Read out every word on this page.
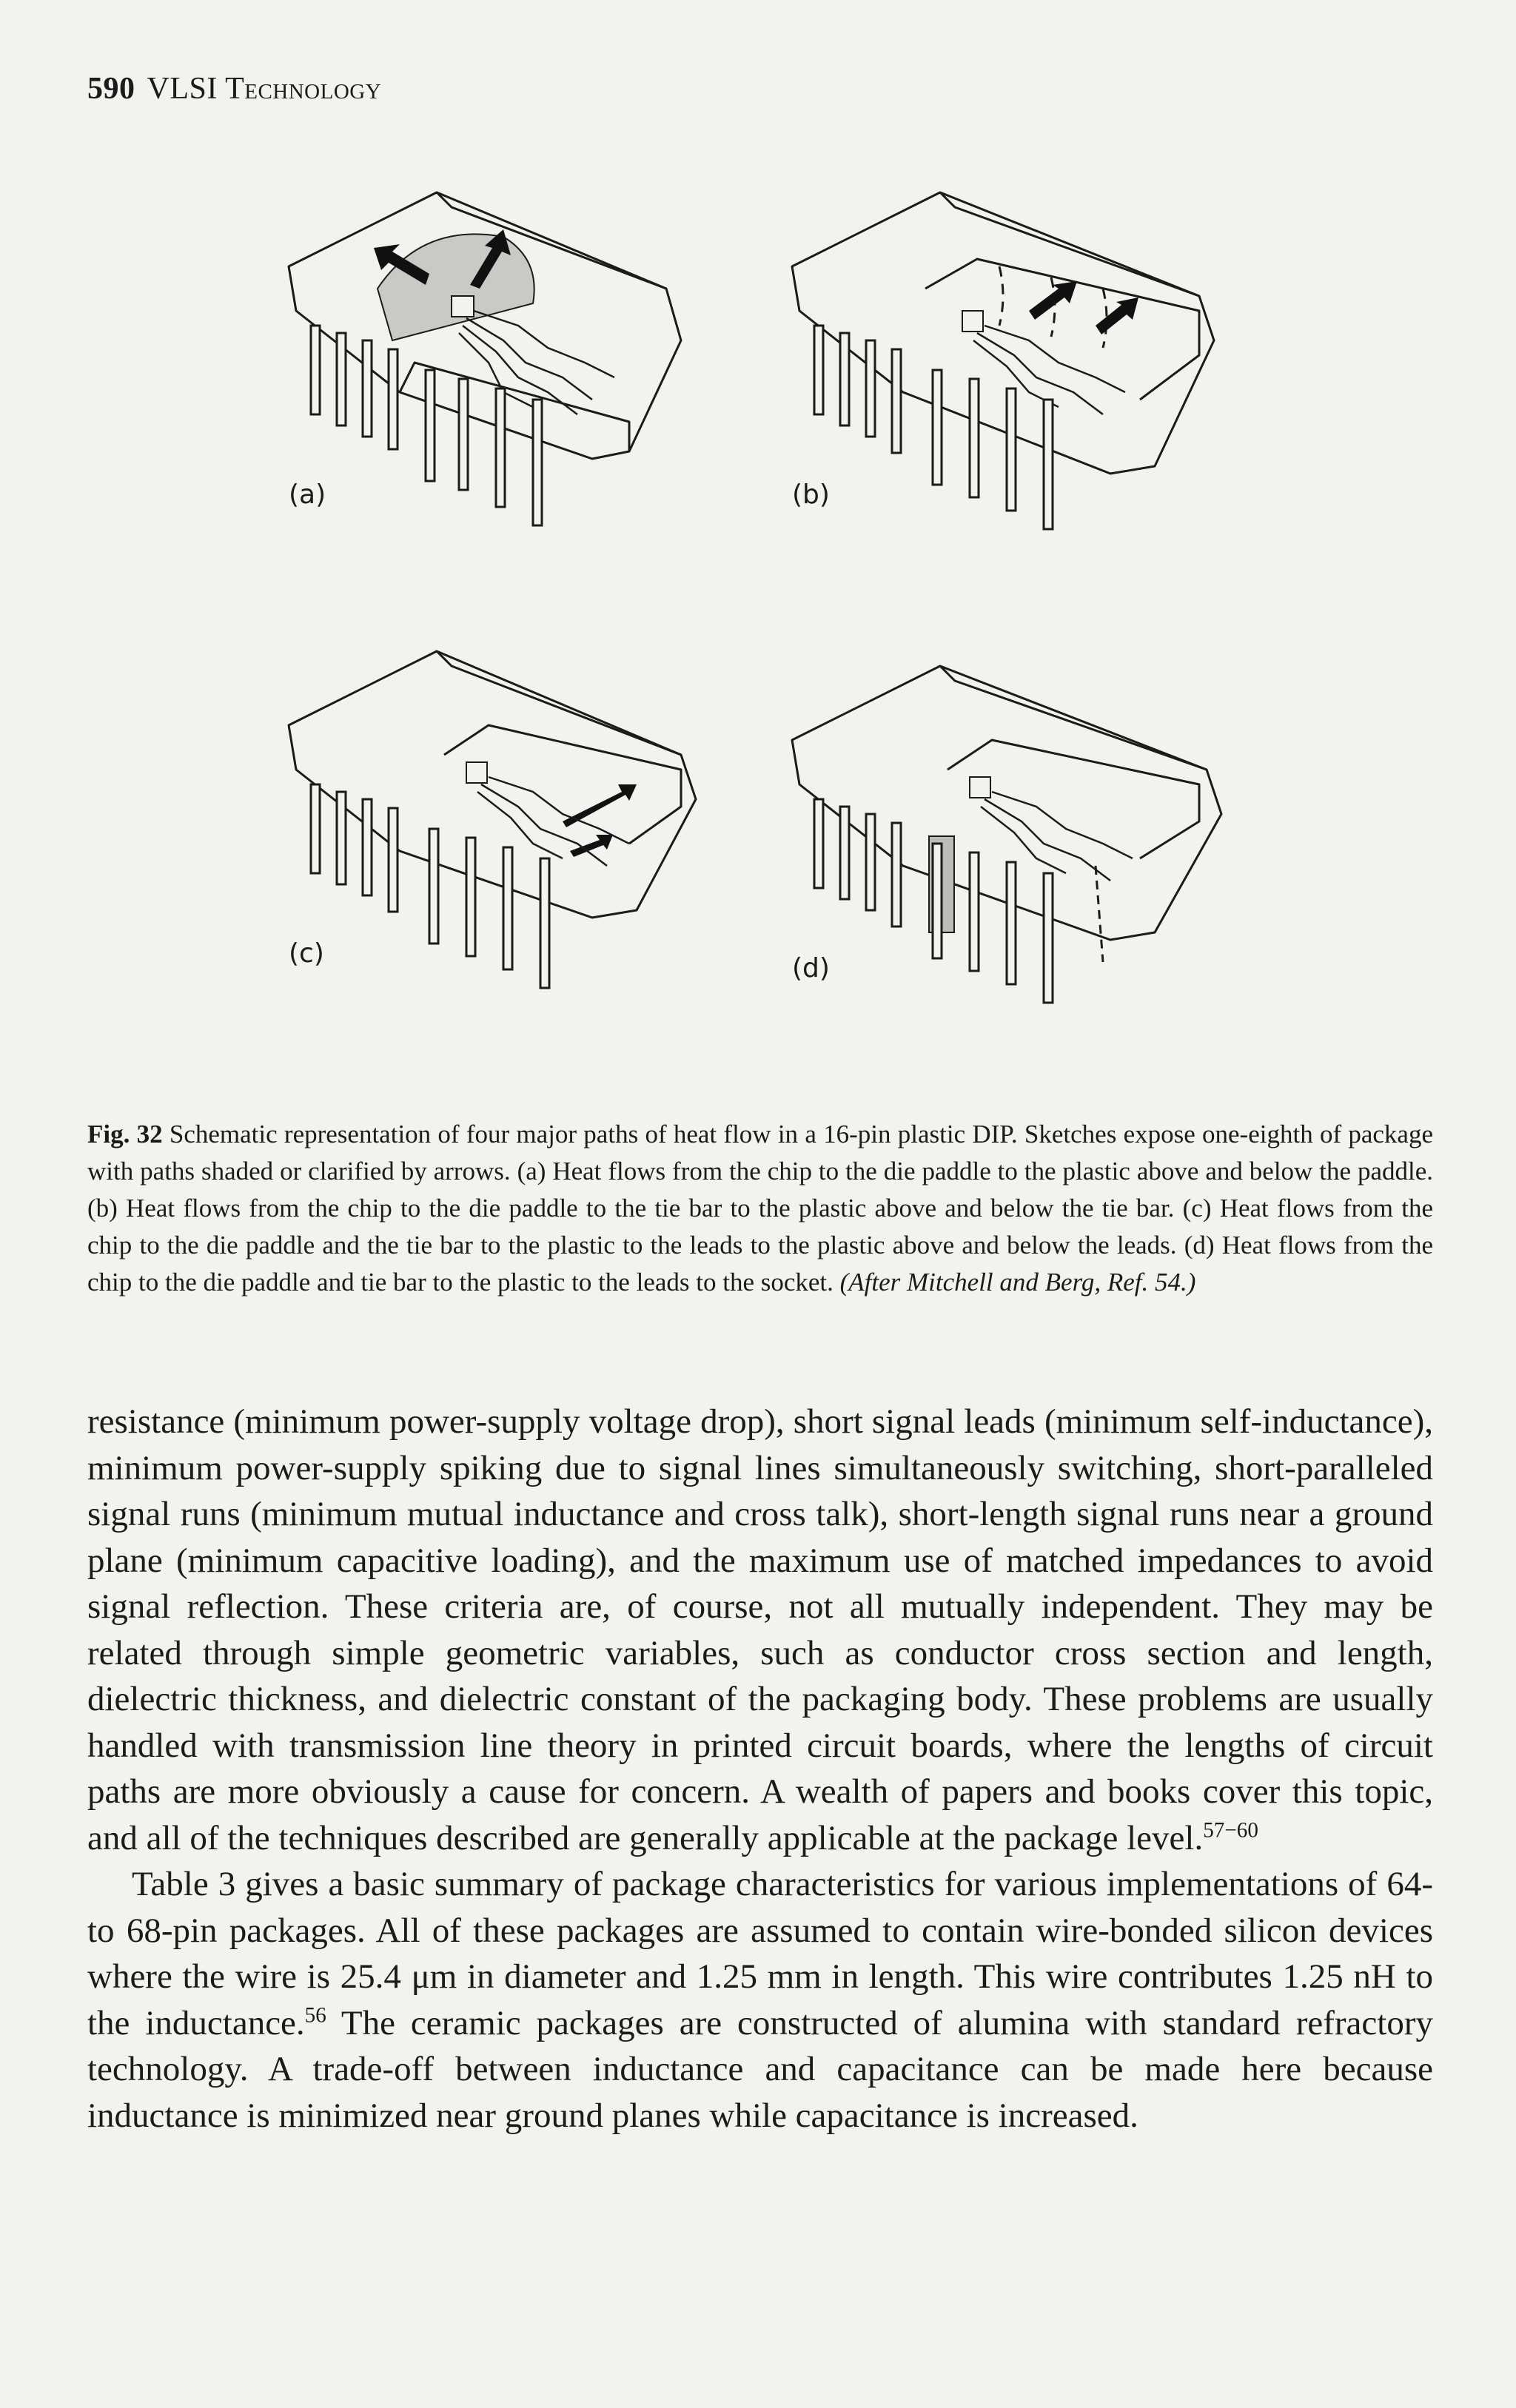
590 VLSI Technology
(a)	(b)
(c)	(d)
Fig. 32 Schematic representation of four major paths of heat flow in a 16-pin plastic DIP. Sketches expose one-eighth of package with paths shaded or clarified by arrows. (a) Heat flows from the chip to the die paddle to the plastic above and below the paddle. (b) Heat flows from the chip to the die paddle to the tie bar to the plastic above and below the tie bar. (c) Heat flows from the chip to the die paddle and the tie bar to the plastic to the leads to the plastic above and below the leads. (d) Heat flows from the chip to the die paddle and tie bar to the plastic to the leads to the socket. (After Mitchell and Berg, Ref. 54.)

resistance (minimum power-supply voltage drop), short signal leads (minimum self-inductance), minimum power-supply spiking due to signal lines simultaneously switching, short-paralleled signal runs (minimum mutual inductance and cross talk), short-length signal runs near a ground plane (minimum capacitive loading), and the maximum use of matched impedances to avoid signal reflection. These criteria are, of course, not all mutually independent. They may be related through simple geometric variables, such as conductor cross section and length, dielectric thickness, and dielectric constant of the packaging body. These problems are usually handled with transmission line theory in printed circuit boards, where the lengths of circuit paths are more obviously a cause for concern. A wealth of papers and books cover this topic, and all of the techniques described are generally applicable at the package level.$^{57-60}$

Table 3 gives a basic summary of package characteristics for various implementations of 64- to 68-pin packages. All of these packages are assumed to contain wire-bonded silicon devices where the wire is 25.4 μm in diameter and 1.25 mm in length. This wire contributes 1.25 nH to the inductance.$^{56}$ The ceramic packages are constructed of alumina with standard refractory technology. A trade-off between inductance and capacitance can be made here because inductance is minimized near ground planes while capacitance is increased.
